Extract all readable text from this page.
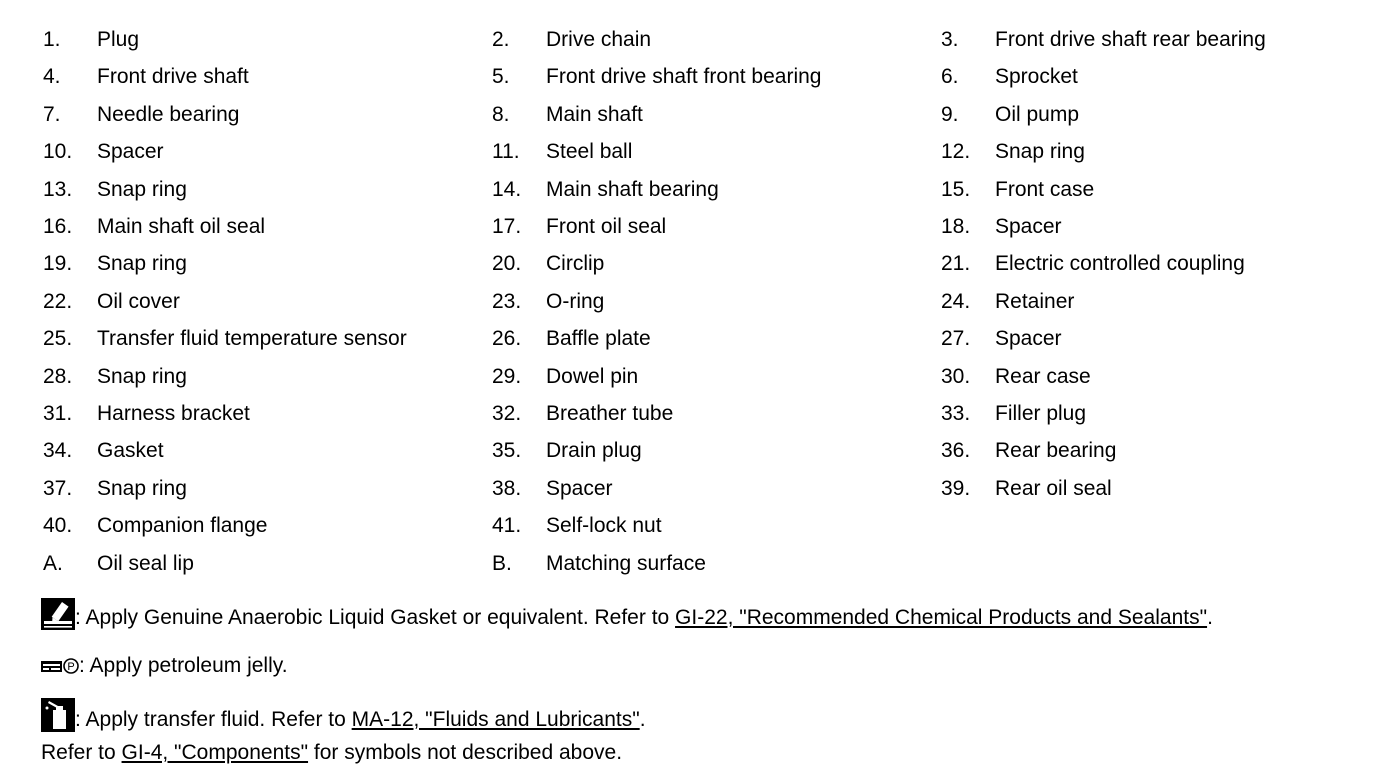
1. Plug	2. Drive chain	3. Front drive shaft rear bearing
4. Front drive shaft	5. Front drive shaft front bearing	6. Sprocket
7. Needle bearing	8. Main shaft	9. Oil pump
10. Spacer	11. Steel ball	12. Snap ring
13. Snap ring	14. Main shaft bearing	15. Front case
16. Main shaft oil seal	17. Front oil seal	18. Spacer
19. Snap ring	20. Circlip	21. Electric controlled coupling
22. Oil cover	23. O-ring	24. Retainer
25. Transfer fluid temperature sensor	26. Baffle plate	27. Spacer
28. Snap ring	29. Dowel pin	30. Rear case
31. Harness bracket	32. Breather tube	33. Filler plug
34. Gasket	35. Drain plug	36. Rear bearing
37. Snap ring	38. Spacer	39. Rear oil seal
40. Companion flange	41. Self-lock nut
A. Oil seal lip	B. Matching surface
: Apply Genuine Anaerobic Liquid Gasket or equivalent. Refer to GI-22, "Recommended Chemical Products and Sealants".
P : Apply petroleum jelly.
: Apply transfer fluid. Refer to MA-12, "Fluids and Lubricants".
Refer to GI-4, "Components" for symbols not described above.
